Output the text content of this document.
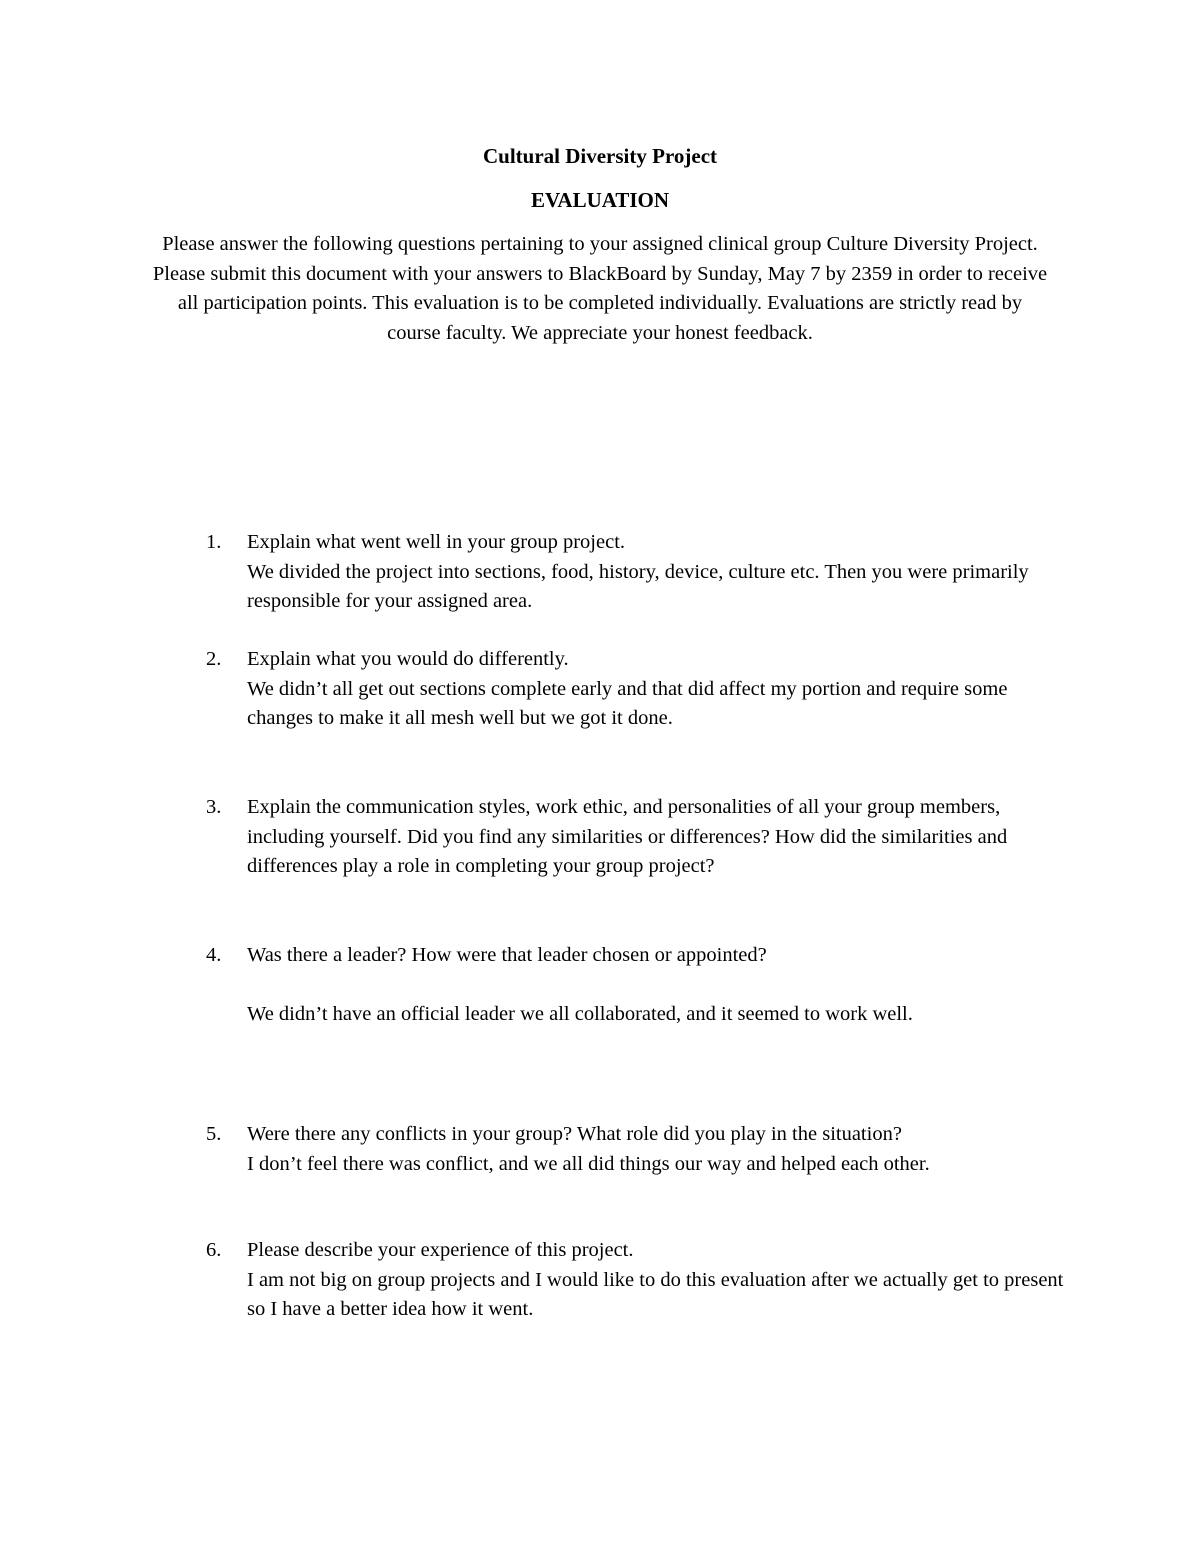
Cultural Diversity Project
EVALUATION

Please answer the following questions pertaining to your assigned clinical group Culture Diversity Project. Please submit this document with your answers to BlackBoard by Sunday, May 7 by 2359 in order to receive all participation points. This evaluation is to be completed individually. Evaluations are strictly read by course faculty. We appreciate your honest feedback.

1.	Explain what went well in your group project.

We divided the project into sections, food, history, device, culture etc. Then you were primarily responsible for your assigned area.

2.	Explain what you would do differently.

We didn’t all get out sections complete early and that did affect my portion and require some changes to make it all mesh well but we got it done.

3.	Explain the communication styles, work ethic, and personalities of all your group members, including yourself. Did you find any similarities or differences? How did the similarities and differences play a role in completing your group project?

4.	Was there a leader? How were that leader chosen or appointed?

We didn’t have an official leader we all collaborated, and it seemed to work well.

5.	Were there any conflicts in your group? What role did you play in the situation?

I don’t feel there was conflict, and we all did things our way and helped each other.

6.	Please describe your experience of this project.

I am not big on group projects and I would like to do this evaluation after we actually get to present so I have a better idea how it went.
